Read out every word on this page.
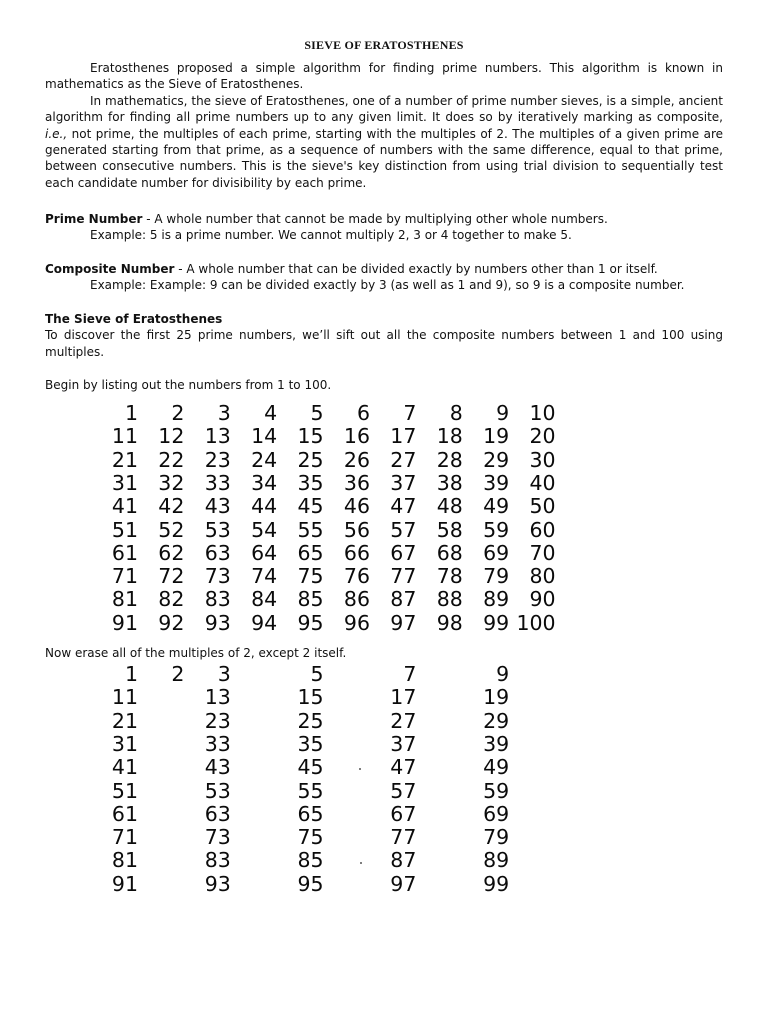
SIEVE OF ERATOSTHENES

Eratosthenes proposed a simple algorithm for finding prime numbers. This algorithm is known in mathematics as the Sieve of Eratosthenes.

In mathematics, the sieve of Eratosthenes, one of a number of prime number sieves, is a simple, ancient algorithm for finding all prime numbers up to any given limit. It does so by iteratively marking as composite, i.e., not prime, the multiples of each prime, starting with the multiples of 2. The multiples of a given prime are generated starting from that prime, as a sequence of numbers with the same difference, equal to that prime, between consecutive numbers. This is the sieve's key distinction from using trial division to sequentially test each candidate number for divisibility by each prime.

Prime Number - A whole number that cannot be made by multiplying other whole numbers.

Example: 5 is a prime number. We cannot multiply 2, 3 or 4 together to make 5.

Composite Number - A whole number that can be divided exactly by numbers other than 1 or itself.

Example: Example: 9 can be divided exactly by 3 (as well as 1 and 9), so 9 is a composite number.

The Sieve of Eratosthenes

To discover the first 25 prime numbers, we’ll sift out all the composite numbers between 1 and 100 using multiples.

Begin by listing out the numbers from 1 to 100.
1	2	3	4	5	6	7	8	9 10
11 12 13 14 15 16 17 18 19 20
21 22 23 24 25 26 27 28 29 30
31 32 33 34 35 36 37 38 39 40
41 42 43 44 45 46 47 48 49 50
51 52 53 54 55 56 57 58 59 60
61 62 63 64 65 66 67 68 69 70
71 72 73 74 75 76 77 78 79 80
81 82 83 84 85 86 87 88 89 90
91 92 93 94 95 96 97 98 99 100
Now erase all of the multiples of 2, except 2 itself.
1	2	3	5	7	9
11	13	15	17	19
21	23	25	27	29
31	33	35	37	39
41	43	45	47	49
51	53	55	57	59
61	63	65	67	69
71	73	75	77	79
81	83	85	87	89
91	93	95	97	99
